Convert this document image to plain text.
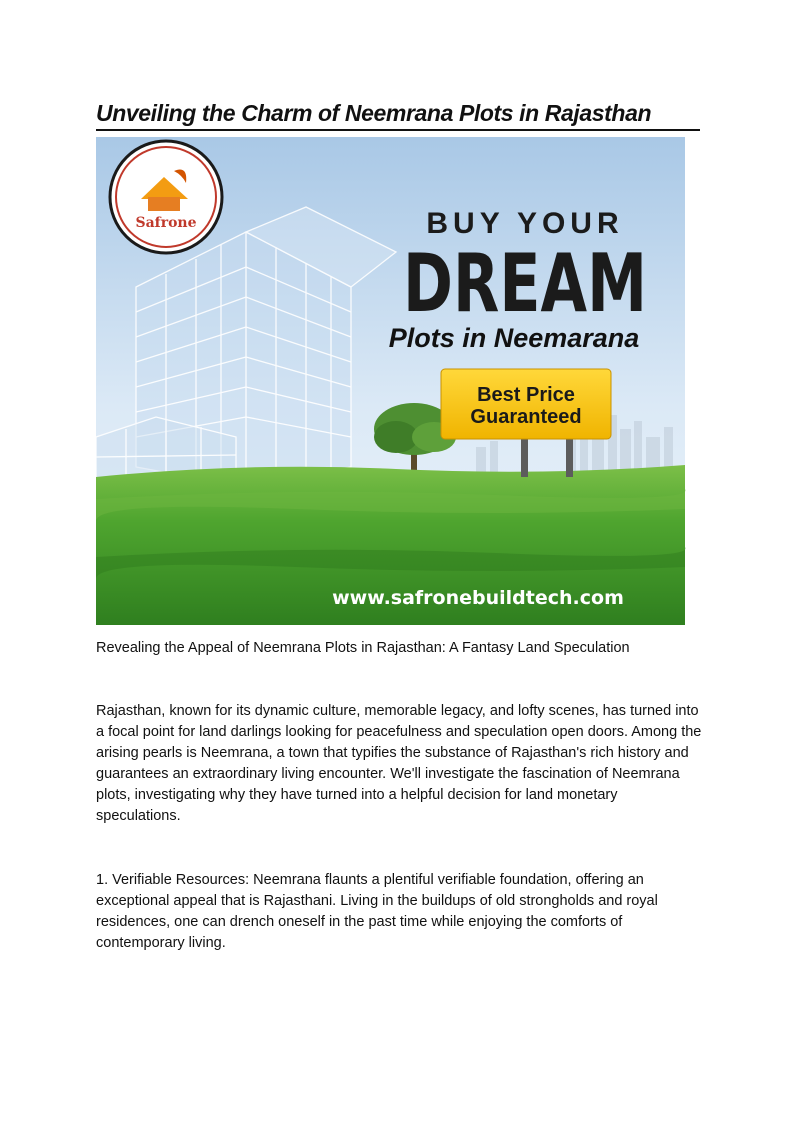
Unveiling the Charm of Neemrana Plots in Rajasthan
Best Price
Guaranteed
Safrone	BUY YOUR
DREAM
Plots in Neemarana
www.safronebuildtech.com

Revealing the Appeal of Neemrana Plots in Rajasthan: A Fantasy Land Speculation

Rajasthan, known for its dynamic culture, memorable legacy, and lofty scenes, has turned into a focal point for land darlings looking for peacefulness and speculation open doors. Among the arising pearls is Neemrana, a town that typifies the substance of Rajasthan's rich history and guarantees an extraordinary living encounter. We'll investigate the fascination of Neemrana plots, investigating why they have turned into a helpful decision for land monetary speculations.

1. Verifiable Resources: Neemrana flaunts a plentiful verifiable foundation, offering an exceptional appeal that is Rajasthani. Living in the buildups of old strongholds and royal residences, one can drench oneself in the past time while enjoying the comforts of contemporary living.
